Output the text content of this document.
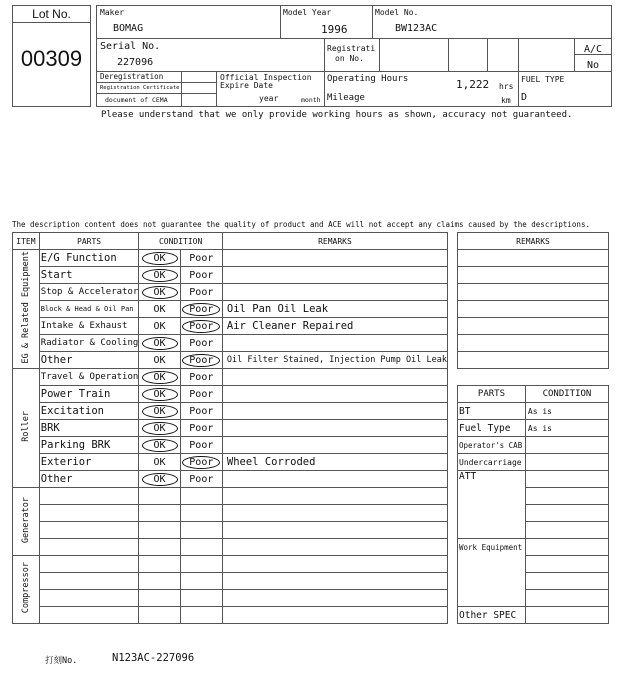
Lot No.
00309
Maker
BOMAG
Model Year
1996
Model No.
BW123AC
Serial No.
227096
Registrati
on No.
A/C
No
Deregistration
Registration Certificate
document of CEMA
Official Inspection
Expire Date
year	month
Operating Hours	1,222 hrs
Mileage	km
FUEL TYPE
D
Please understand that we only provide working hours as shown, accuracy not guaranteed.
The description content does not guarantee the quality of product and ACE will not accept any claims caused by the descriptions.
ITEM	PARTS	CONDITION		REMARKS
EG & Related Equipment	E/G Function	OK	Poor	
	Start	OK	Poor	
	Stop & Accelerator	OK	Poor	
	Block & Head & Oil Pan	OK	Poor	Oil Pan Oil Leak
	Intake & Exhaust	OK	Poor	Air Cleaner Repaired
	Radiator & Cooling	OK	Poor	
	Other	OK	Poor	Oil Filter Stained, Injection Pump Oil Leak
Roller	Travel & Operation	OK	Poor	
	Power Train	OK	Poor	
	Excitation	OK	Poor	
	BRK	OK	Poor	
	Parking BRK	OK	Poor	
	Exterior	OK	Poor	Wheel Corroded
	Other	OK	Poor	
Generator				

Compressor				

REMARKS

PARTS	CONDITION
BT	As is
Fuel Type	As is
Operator's CAB	
Undercarriage	
ATT	

Work Equipment	

Other SPEC	
打刻No.	N123AC-227096
